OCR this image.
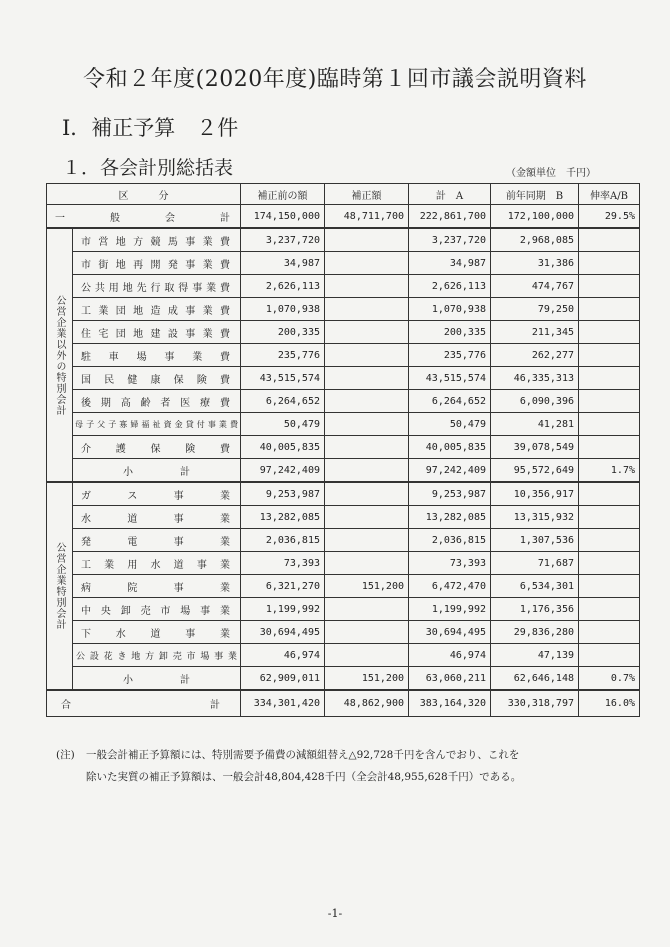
令和２年度(2020年度)臨時第１回市議会説明資料
Ⅰ．補正予算　２件
１．各会計別総括表	（金額単位　千円）
区　　　分		補正前の額	補正額	計　A	前年同期　B	伸率A/B
一　　般　　会　　計		174,150,000	48,711,700	222,861,700	172,100,000	29.5%
公営企業以外の特別会計	市営地方競馬事業費	3,237,720		3,237,720	2,968,085	
	市街地再開発事業費	34,987		34,987	31,386	
	公共用地先行取得事業費	2,626,113		2,626,113	474,767	
	工業団地造成事業費	1,070,938		1,070,938	79,250	
	住宅団地建設事業費	200,335		200,335	211,345	
	駐車場事業費	235,776		235,776	262,277	
	国民健康保険費	43,515,574		43,515,574	46,335,313	
	後期高齢者医療費	6,264,652		6,264,652	6,090,396	
	母子父子寡婦福祉資金貸付事業費	50,479		50,479	41,281	
	介護保険費	40,005,835		40,005,835	39,078,549	
	小　　　計	97,242,409		97,242,409	95,572,649	1.7%
公営企業特別会計	ガス事業	9,253,987		9,253,987	10,356,917	
	水道事業	13,282,085		13,282,085	13,315,932	
	発電事業	2,036,815		2,036,815	1,307,536	
	工業用水道事業	73,393		73,393	71,687	
	病院事業	6,321,270	151,200	6,472,470	6,534,301	
	中央卸売市場事業	1,199,992		1,199,992	1,176,356	
	下水道事業	30,694,495		30,694,495	29,836,280	
	公設花き地方卸売市場事業	46,974		46,974	47,139	
	小　　　計	62,909,011	151,200	63,060,211	62,646,148	0.7%
合　　　　　　　計		334,301,420	48,862,900	383,164,320	330,318,797	16.0%
(注) 一般会計補正予算額には、特別需要予備費の減額組替え△92,728千円を含んでおり、これを
除いた実質の補正予算額は、一般会計48,804,428千円（全会計48,955,628千円）である。
-1-
